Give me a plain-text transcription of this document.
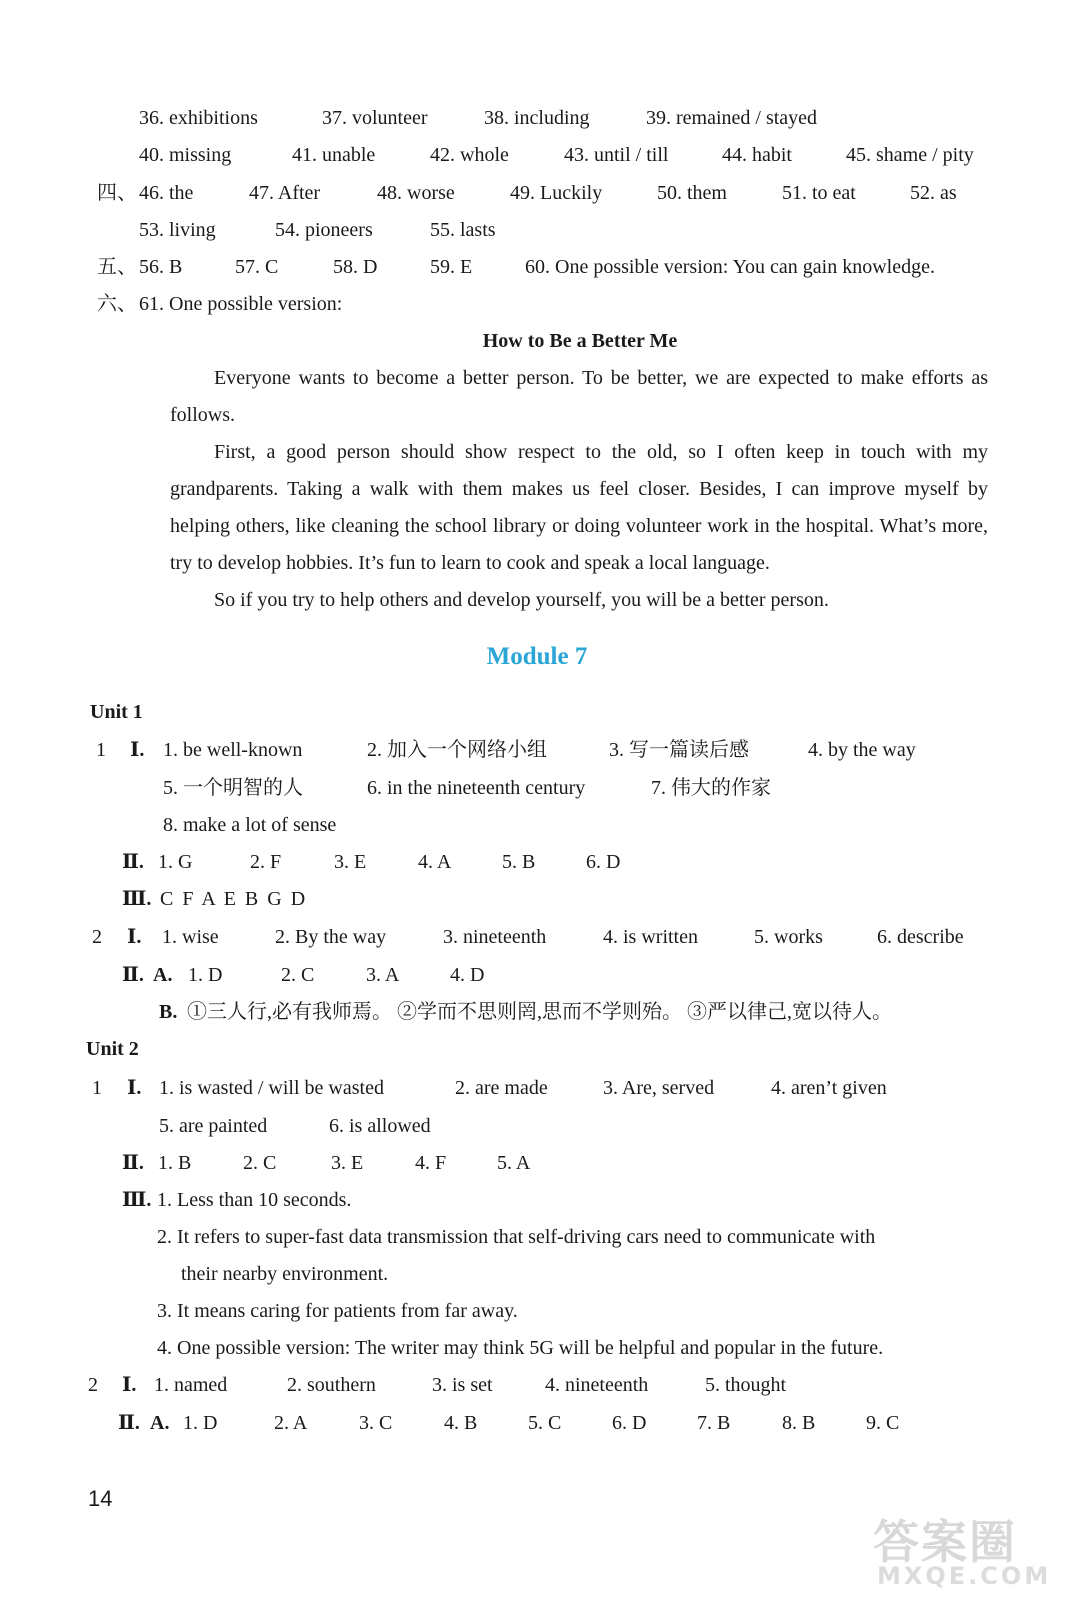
36. exhibitions	37. volunteer	38. including	39. remained / stayed
40. missing	41. unable	42. whole	43. until / till	44. habit	45. shame / pity
四、 46. the	47. After	48. worse	49. Luckily	50. them	51. to eat	52. as
53. living	54. pioneers	55. lasts
五、 56. B	57. C	58. D	59. E	60. One possible version: You can gain knowledge.
六、 61. One possible version:
How to Be a Better Me
Everyone wants to become a better person. To be better, we are expected to make efforts as follows.
First, a good person should show respect to the old, so I often keep in touch with my grandparents. Taking a walk with them makes us feel closer. Besides, I can improve myself by helping others, like cleaning the school library or doing volunteer work in the hospital. What’s more, try to develop hobbies. It’s fun to learn to cook and speak a local language.
So if you try to help others and develop yourself, you will be a better person.
Module 7
Unit 1
1 Ⅰ. 1. be well-known	2. 加入一个网络小组	3. 写一篇读后感	4. by the way
5. 一个明智的人	6. in the nineteenth century	7. 伟大的作家
8. make a lot of sense
Ⅱ. 1. G	2. F	3. E	4. A	5. B	6. D
Ⅲ. C F A E B G D
2 Ⅰ. 1. wise	2. By the way	3. nineteenth	4. is written	5. works	6. describe
Ⅱ. A. 1. D	2. C	3. A	4. D
B. ①三人行,必有我师焉。 ②学而不思则罔,思而不学则殆。 ③严以律己,宽以待人。
Unit 2
1 Ⅰ. 1. is wasted / will be wasted	2. are made	3. Are, served	4. aren’t given
5. are painted	6. is allowed
Ⅱ. 1. B	2. C	3. E	4. F	5. A
Ⅲ. 1. Less than 10 seconds.
2. It refers to super-fast data transmission that self-driving cars need to communicate with
their nearby environment.
3. It means caring for patients from far away.
4. One possible version: The writer may think 5G will be helpful and popular in the future.
2 Ⅰ. 1. named	2. southern	3. is set	4. nineteenth	5. thought
Ⅱ. A. 1. D	2. A	3. C	4. B	5. C	6. D	7. B	8. B	9. C
14
答案圈
MXQE.COM
